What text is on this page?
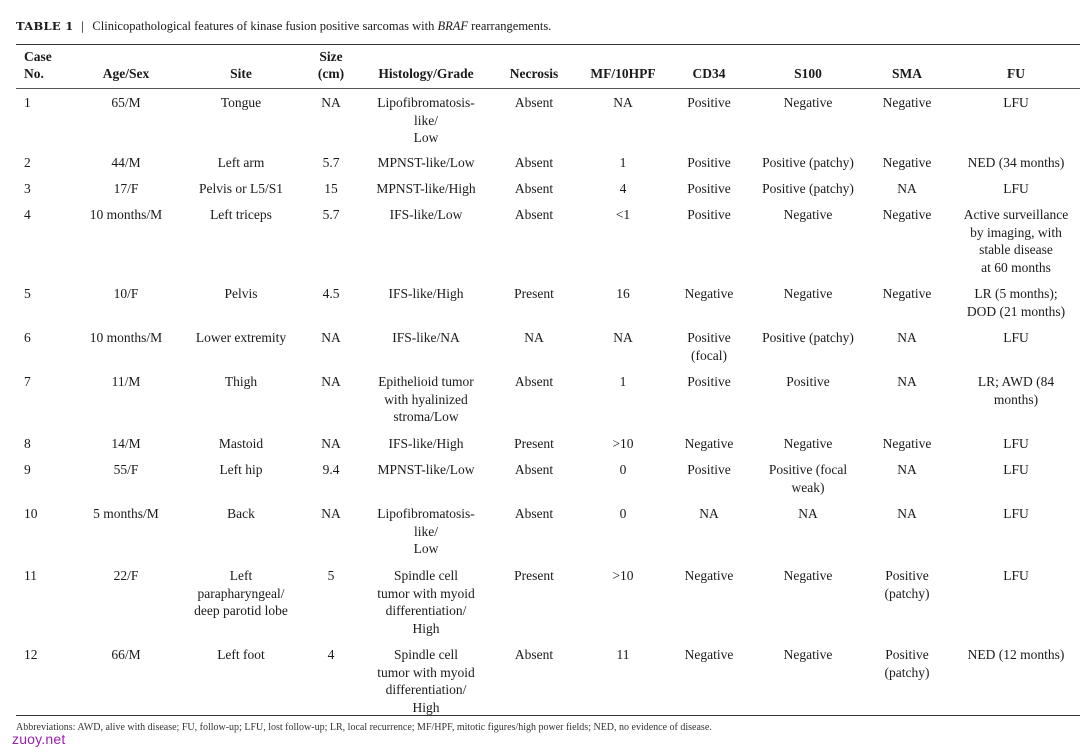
TABLE 1 | Clinicopathological features of kinase fusion positive sarcomas with BRAF rearrangements.
Case
No.	Age/Sex	Site	Size
(cm)	Histology/Grade	Necrosis	MF/10HPF	CD34	S100	SMA	FU

1	65/M	Tongue	NA	Lipofibromatosis-
like/
Low	Absent	NA	Positive	Negative	Negative	LFU

2	44/M	Left arm	5.7	MPNST-like/Low	Absent	1	Positive	Positive (patchy)	Negative	NED (34 months)

3	17/F	Pelvis or L5/S1	15	MPNST-like/High	Absent	4	Positive	Positive (patchy)	NA	LFU

4	10 months/M	Left triceps	5.7	IFS-like/Low	Absent	<1	Positive	Negative	Negative	Active surveillance
by imaging, with
stable disease
at 60 months

5	10/F	Pelvis	4.5	IFS-like/High	Present	16	Negative	Negative	Negative	LR (5 months);
DOD (21 months)

6	10 months/M	Lower extremity	NA	IFS-like/NA	NA	NA	Positive
(focal)	Positive (patchy)	NA	LFU

7	11/M	Thigh	NA	Epithelioid tumor
with hyalinized
stroma/Low	Absent	1	Positive	Positive	NA	LR; AWD (84
months)

8	14/M	Mastoid	NA	IFS-like/High	Present	>10	Negative	Negative	Negative	LFU

9	55/F	Left hip	9.4	MPNST-like/Low	Absent	0	Positive	Positive (focal
weak)	NA	LFU

10	5 months/M	Back	NA	Lipofibromatosis-
like/
Low	Absent	0	NA	NA	NA	LFU

11	22/F	Left
parapharyngeal/
deep parotid lobe	5	Spindle cell
tumor with myoid
differentiation/
High	Present	>10	Negative	Negative	Positive
(patchy)	LFU

12	66/M	Left foot	4	Spindle cell
tumor with myoid
differentiation/
High	Absent	11	Negative	Negative	Positive
(patchy)	NED (12 months)
Abbreviations: AWD, alive with disease; FU, follow-up; LFU, lost follow-up; LR, local recurrence; MF/HPF, mitotic figures/high power fields; NED, no evidence of disease.
zuoy.net
